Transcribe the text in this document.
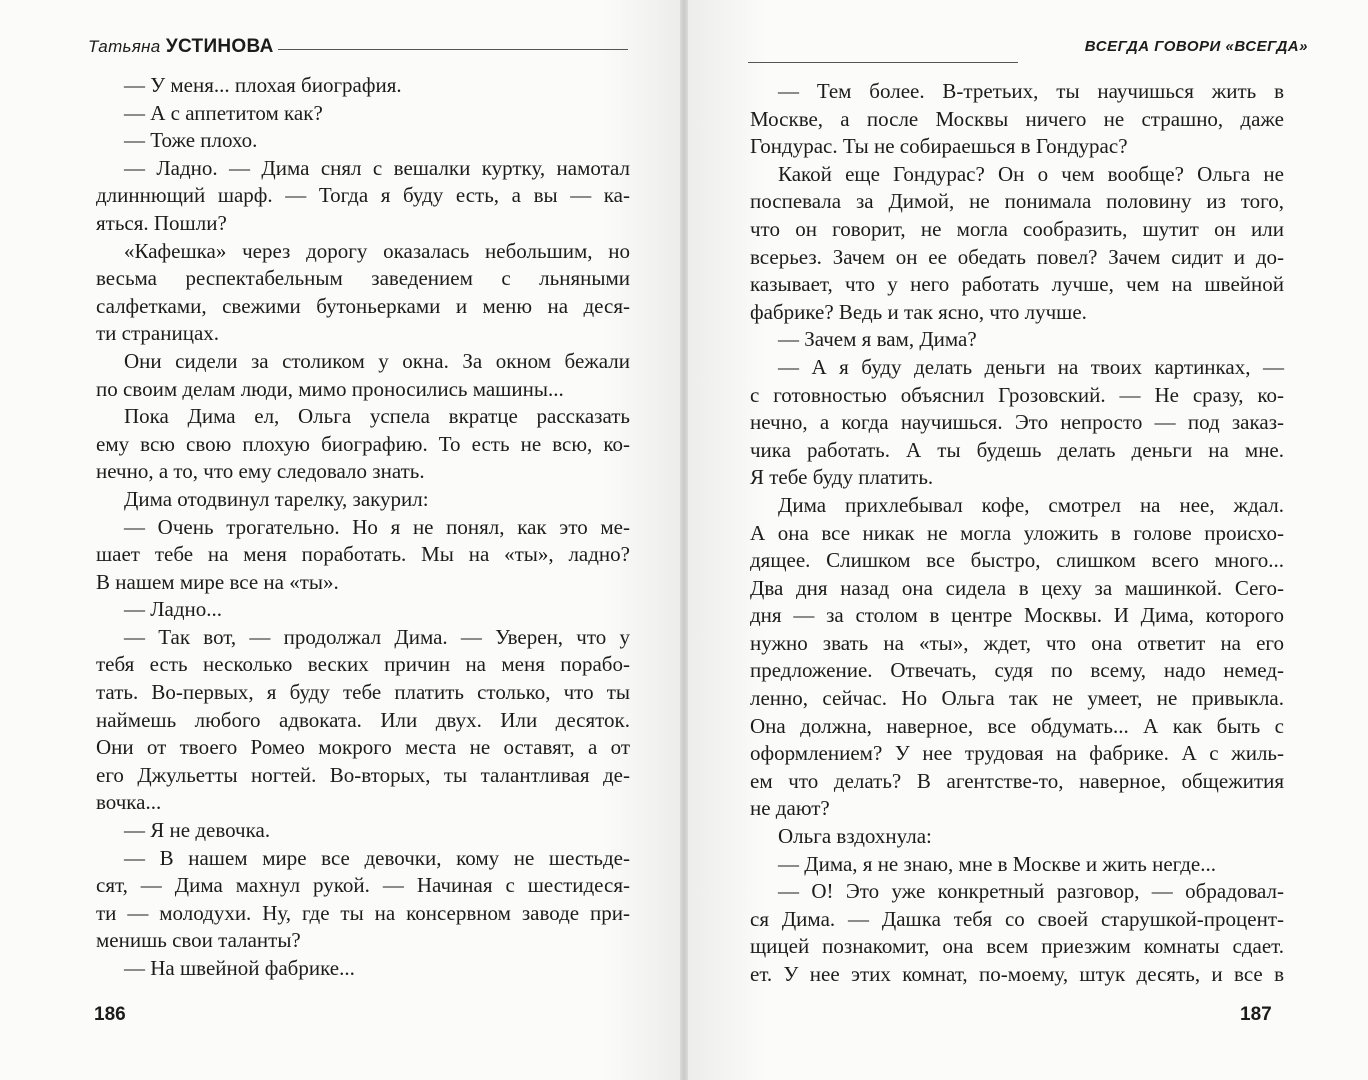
Татьяна УСТИНОВА
— У меня... плохая биография.
— А с аппетитом как?
— Тоже плохо.
— Ладно. — Дима снял с вешалки куртку, намотал
длиннющий шарф. — Тогда я буду есть, а вы — ка-
яться. Пошли?
«Кафешка» через дорогу оказалась небольшим, но
весьма респектабельным заведением с льняными
салфетками, свежими бутоньерками и меню на деся-
ти страницах.
Они сидели за столиком у окна. За окном бежали
по своим делам люди, мимо проносились машины...
Пока Дима ел, Ольга успела вкратце рассказать
ему всю свою плохую биографию. То есть не всю, ко-
нечно, а то, что ему следовало знать.
Дима отодвинул тарелку, закурил:
— Очень трогательно. Но я не понял, как это ме-
шает тебе на меня поработать. Мы на «ты», ладно?
В нашем мире все на «ты».
— Ладно...
— Так вот, — продолжал Дима. — Уверен, что у
тебя есть несколько веских причин на меня порабо-
тать. Во-первых, я буду тебе платить столько, что ты
наймешь любого адвоката. Или двух. Или десяток.
Они от твоего Ромео мокрого места не оставят, а от
его Джульетты ногтей. Во-вторых, ты талантливая де-
вочка...
— Я не девочка.
— В нашем мире все девочки, кому не шестьде-
сят, — Дима махнул рукой. — Начиная с шестидеся-
ти — молодухи. Ну, где ты на консервном заводе при-
менишь свои таланты?
— На швейной фабрике...
186
ВСЕГДА ГОВОРИ «ВСЕГДА»
— Тем более. В-третьих, ты научишься жить в
Москве, а после Москвы ничего не страшно, даже
Гондурас. Ты не собираешься в Гондурас?
Какой еще Гондурас? Он о чем вообще? Ольга не
поспевала за Димой, не понимала половину из того,
что он говорит, не могла сообразить, шутит он или
всерьез. Зачем он ее обедать повел? Зачем сидит и до-
казывает, что у него работать лучше, чем на швейной
фабрике? Ведь и так ясно, что лучше.
— Зачем я вам, Дима?
— А я буду делать деньги на твоих картинках, —
с готовностью объяснил Грозовский. — Не сразу, ко-
нечно, а когда научишься. Это непросто — под заказ-
чика работать. А ты будешь делать деньги на мне.
Я тебе буду платить.
Дима прихлебывал кофе, смотрел на нее, ждал.
А она все никак не могла уложить в голове происхо-
дящее. Слишком все быстро, слишком всего много...
Два дня назад она сидела в цеху за машинкой. Сего-
дня — за столом в центре Москвы. И Дима, которого
нужно звать на «ты», ждет, что она ответит на его
предложение. Отвечать, судя по всему, надо немед-
ленно, сейчас. Но Ольга так не умеет, не привыкла.
Она должна, наверное, все обдумать... А как быть с
оформлением? У нее трудовая на фабрике. А с жиль-
ем что делать? В агентстве-то, наверное, общежития
не дают?
Ольга вздохнула:
— Дима, я не знаю, мне в Москве и жить негде...
— О! Это уже конкретный разговор, — обрадовал-
ся Дима. — Дашка тебя со своей старушкой-процент-
щицей познакомит, она всем приезжим комнаты сдает.
ет. У нее этих комнат, по-моему, штук десять, и все в
187
